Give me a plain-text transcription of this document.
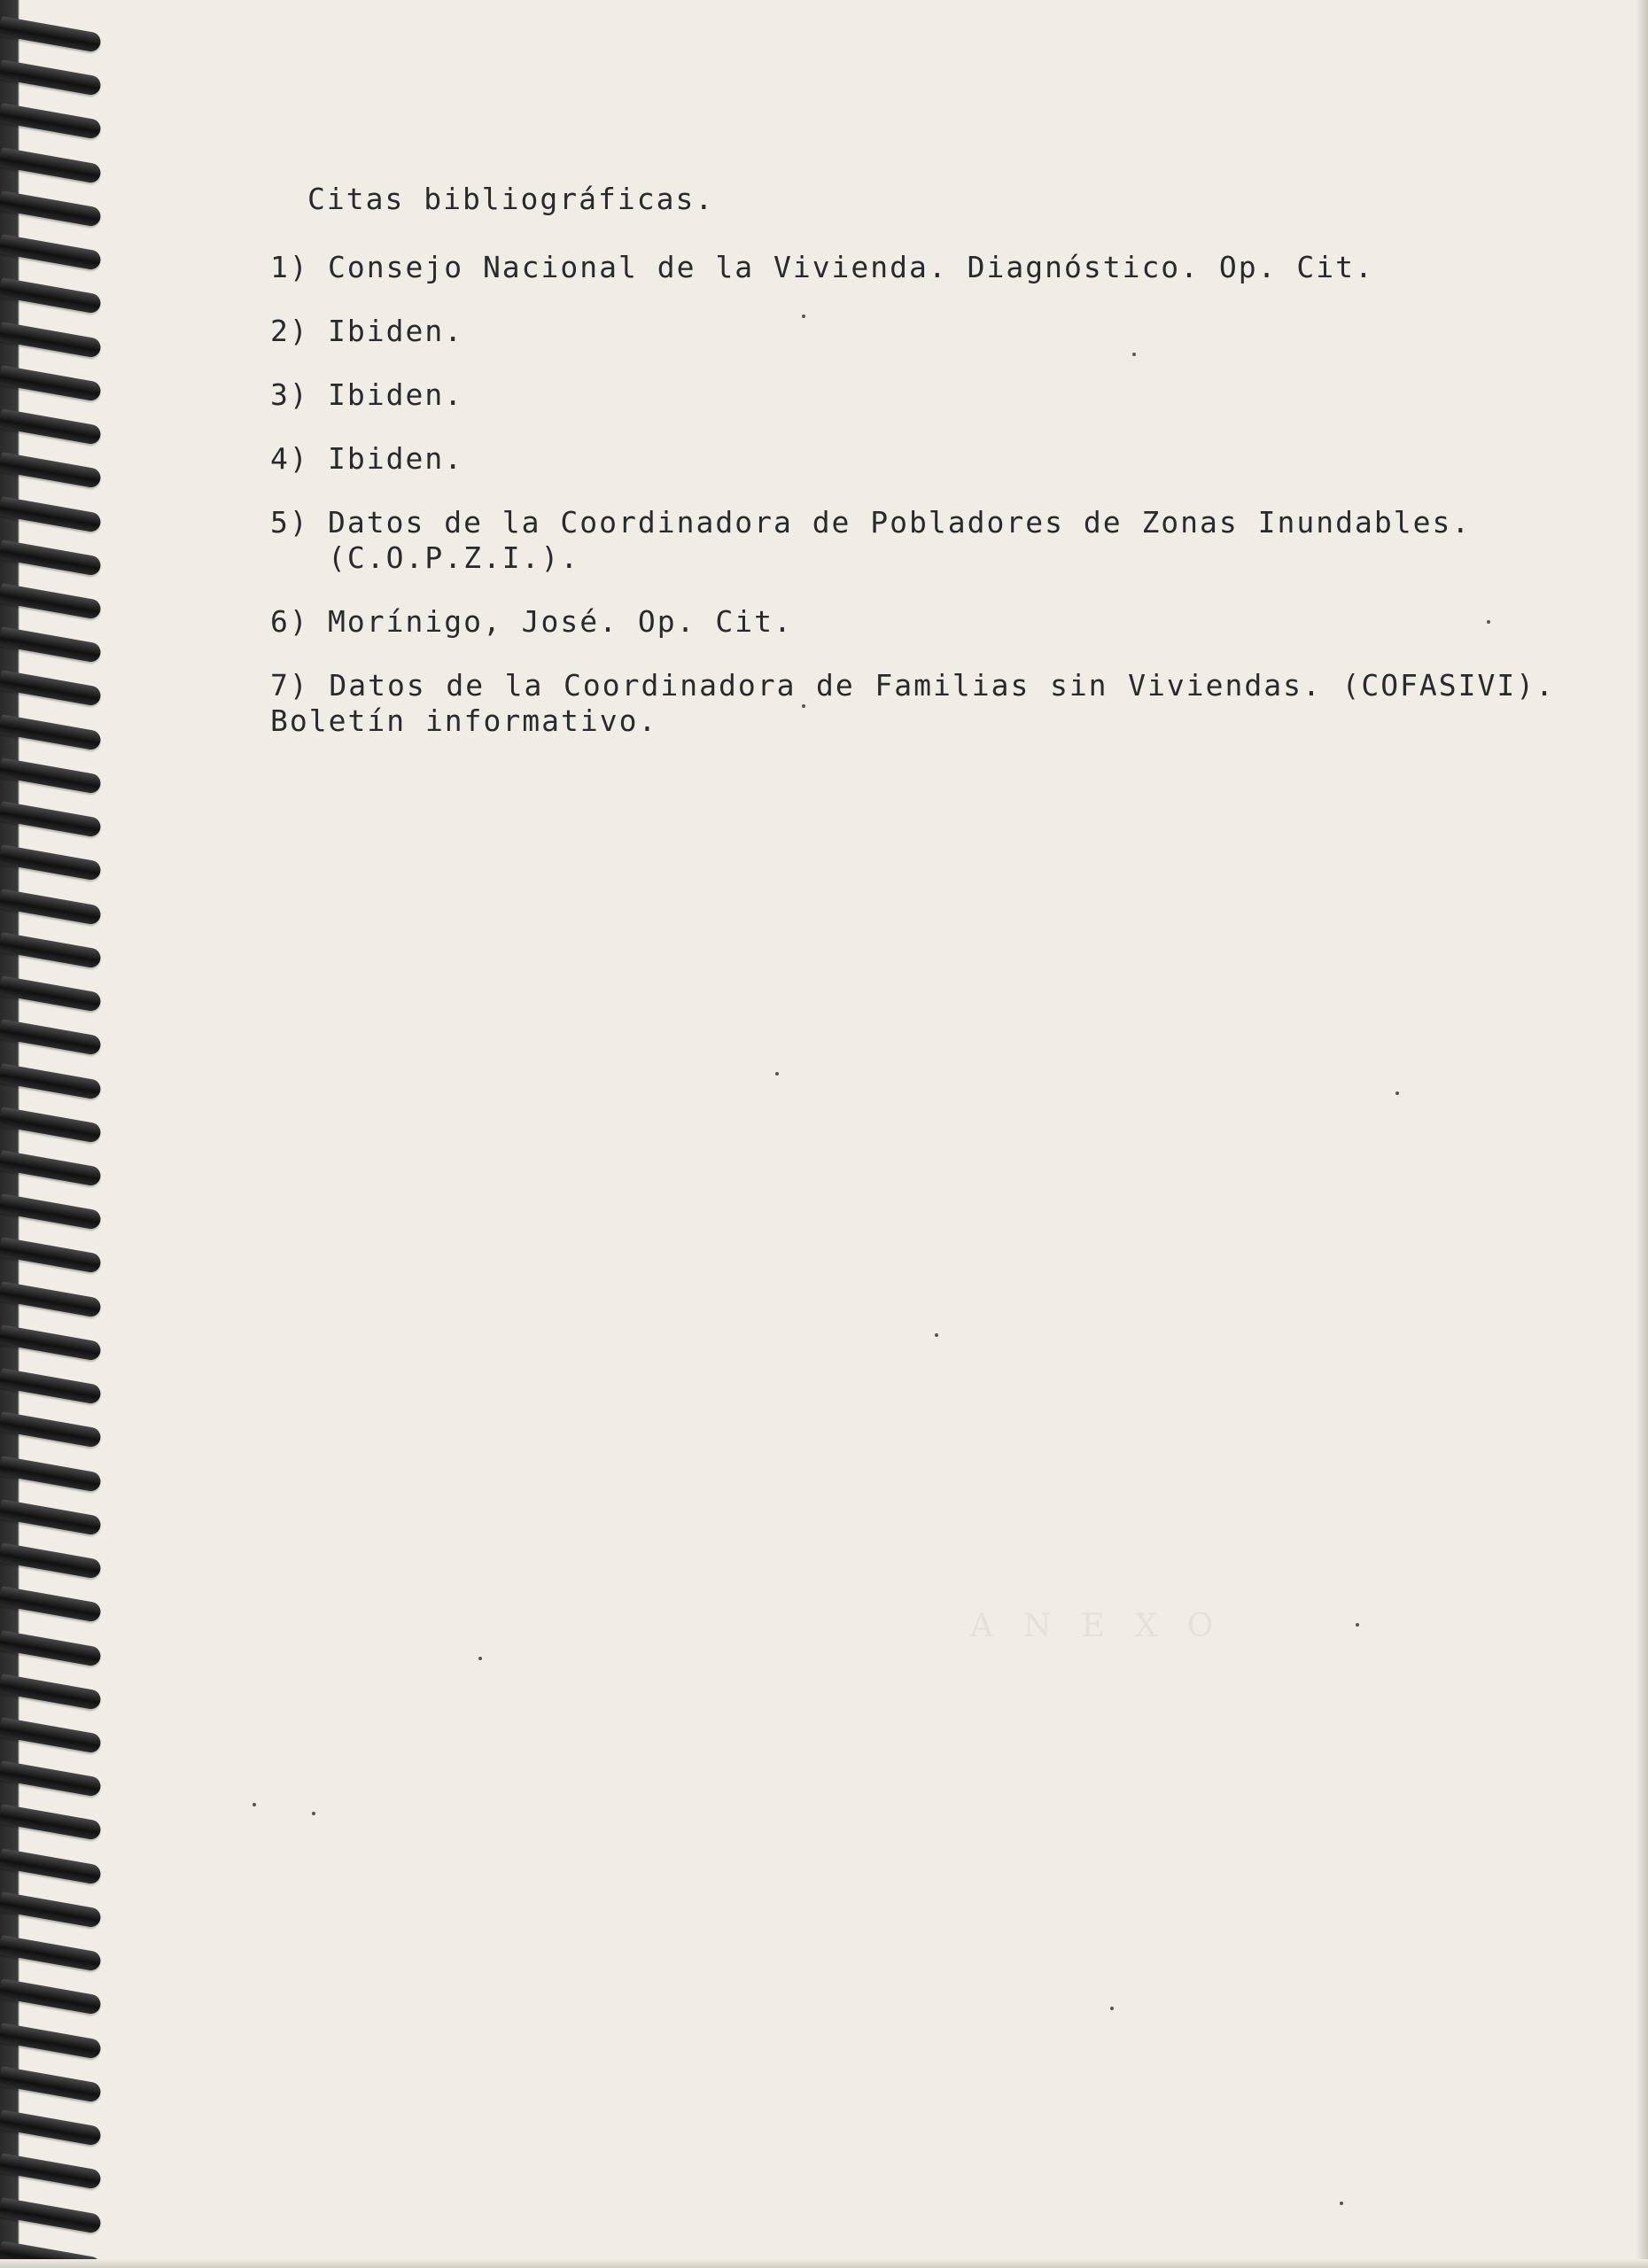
Citas bibliográficas.
1) Consejo Nacional de la Vivienda. Diagnóstico. Op. Cit.
2) Ibiden.
3) Ibiden.
4) Ibiden.
5) Datos de la Coordinadora de Pobladores de Zonas Inundables.
(C.O.P.Z.I.).
6) Morínigo, José. Op. Cit.
7) Datos de la Coordinadora de Familias sin Viviendas. (COFASIVI). Boletín informativo.
ANEXO
